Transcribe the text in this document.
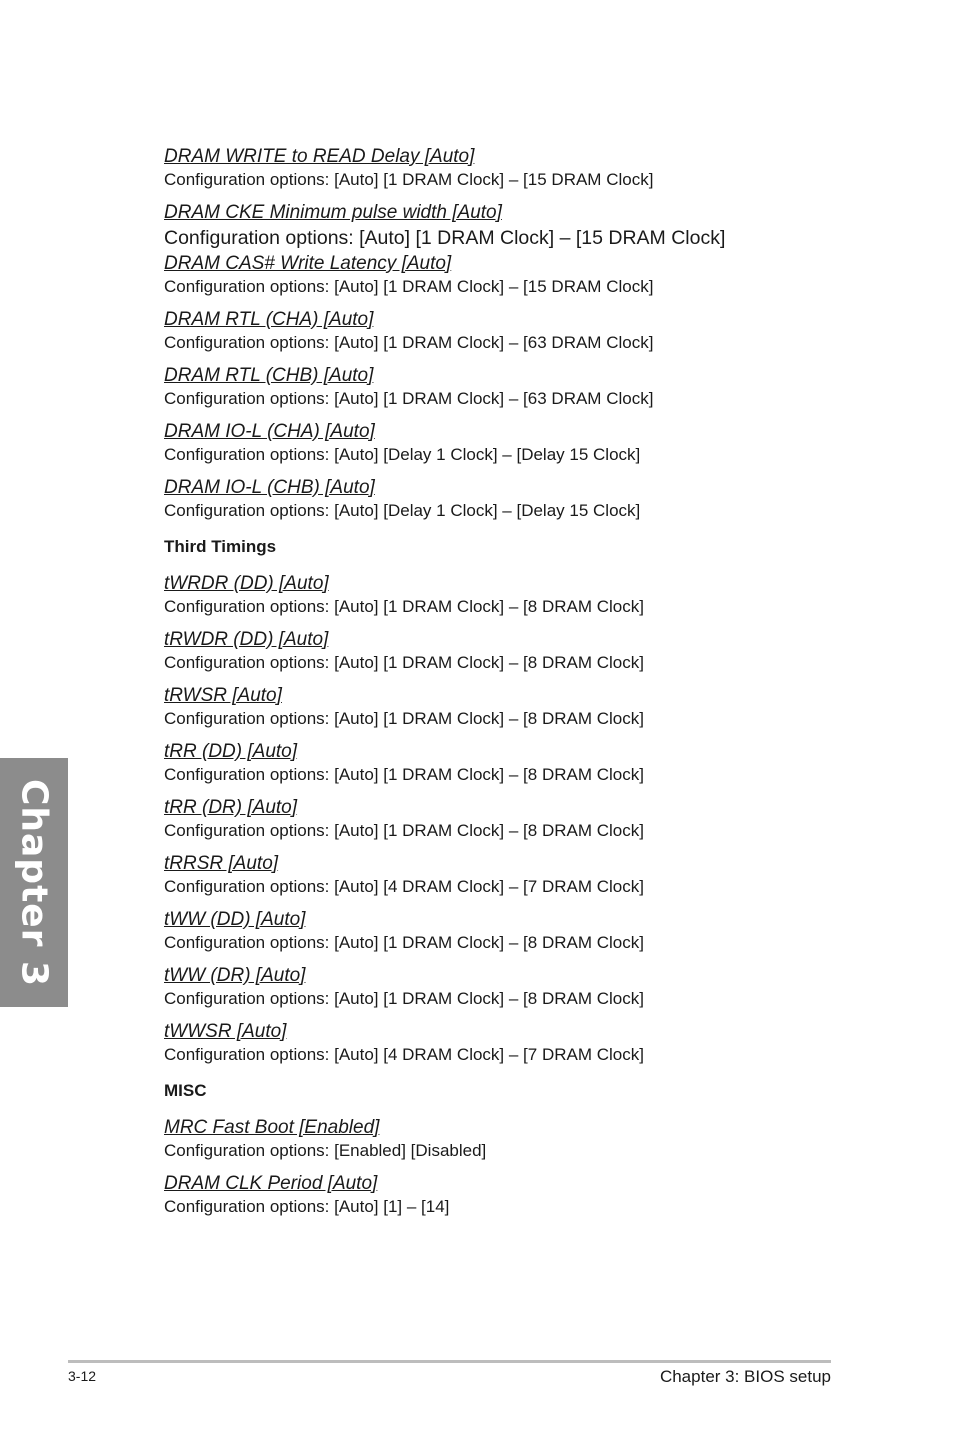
DRAM WRITE to READ Delay [Auto]
Configuration options: [Auto] [1 DRAM Clock] – [15 DRAM Clock]
DRAM CKE Minimum pulse width [Auto]
Configuration options: [Auto] [1 DRAM Clock] – [15 DRAM Clock]
DRAM CAS# Write Latency [Auto]
Configuration options: [Auto] [1 DRAM Clock] – [15 DRAM Clock]
DRAM RTL (CHA) [Auto]
Configuration options: [Auto] [1 DRAM Clock] – [63 DRAM Clock]
DRAM RTL (CHB) [Auto]
Configuration options: [Auto] [1 DRAM Clock] – [63 DRAM Clock]
DRAM IO-L (CHA) [Auto]
Configuration options: [Auto] [Delay 1 Clock] – [Delay 15 Clock]
DRAM IO-L (CHB) [Auto]
Configuration options: [Auto] [Delay 1 Clock] – [Delay 15 Clock]
Third Timings
tWRDR (DD) [Auto]
Configuration options: [Auto] [1 DRAM Clock] – [8 DRAM Clock]
tRWDR (DD) [Auto]
Configuration options: [Auto] [1 DRAM Clock] – [8 DRAM Clock]
tRWSR [Auto]
Configuration options: [Auto] [1 DRAM Clock] – [8 DRAM Clock]
tRR (DD) [Auto]
Configuration options: [Auto] [1 DRAM Clock] – [8 DRAM Clock]
tRR (DR) [Auto]
Configuration options: [Auto] [1 DRAM Clock] – [8 DRAM Clock]
tRRSR [Auto]
Configuration options: [Auto] [4 DRAM Clock] – [7 DRAM Clock]
tWW (DD) [Auto]
Configuration options: [Auto] [1 DRAM Clock] – [8 DRAM Clock]
tWW (DR) [Auto]
Configuration options: [Auto] [1 DRAM Clock] – [8 DRAM Clock]
tWWSR [Auto]
Configuration options: [Auto] [4 DRAM Clock] – [7 DRAM Clock]
MISC
MRC Fast Boot [Enabled]
Configuration options: [Enabled] [Disabled]
DRAM CLK Period [Auto]
Configuration options: [Auto] [1] – [14]
Chapter 3
3-12	Chapter 3: BIOS setup
